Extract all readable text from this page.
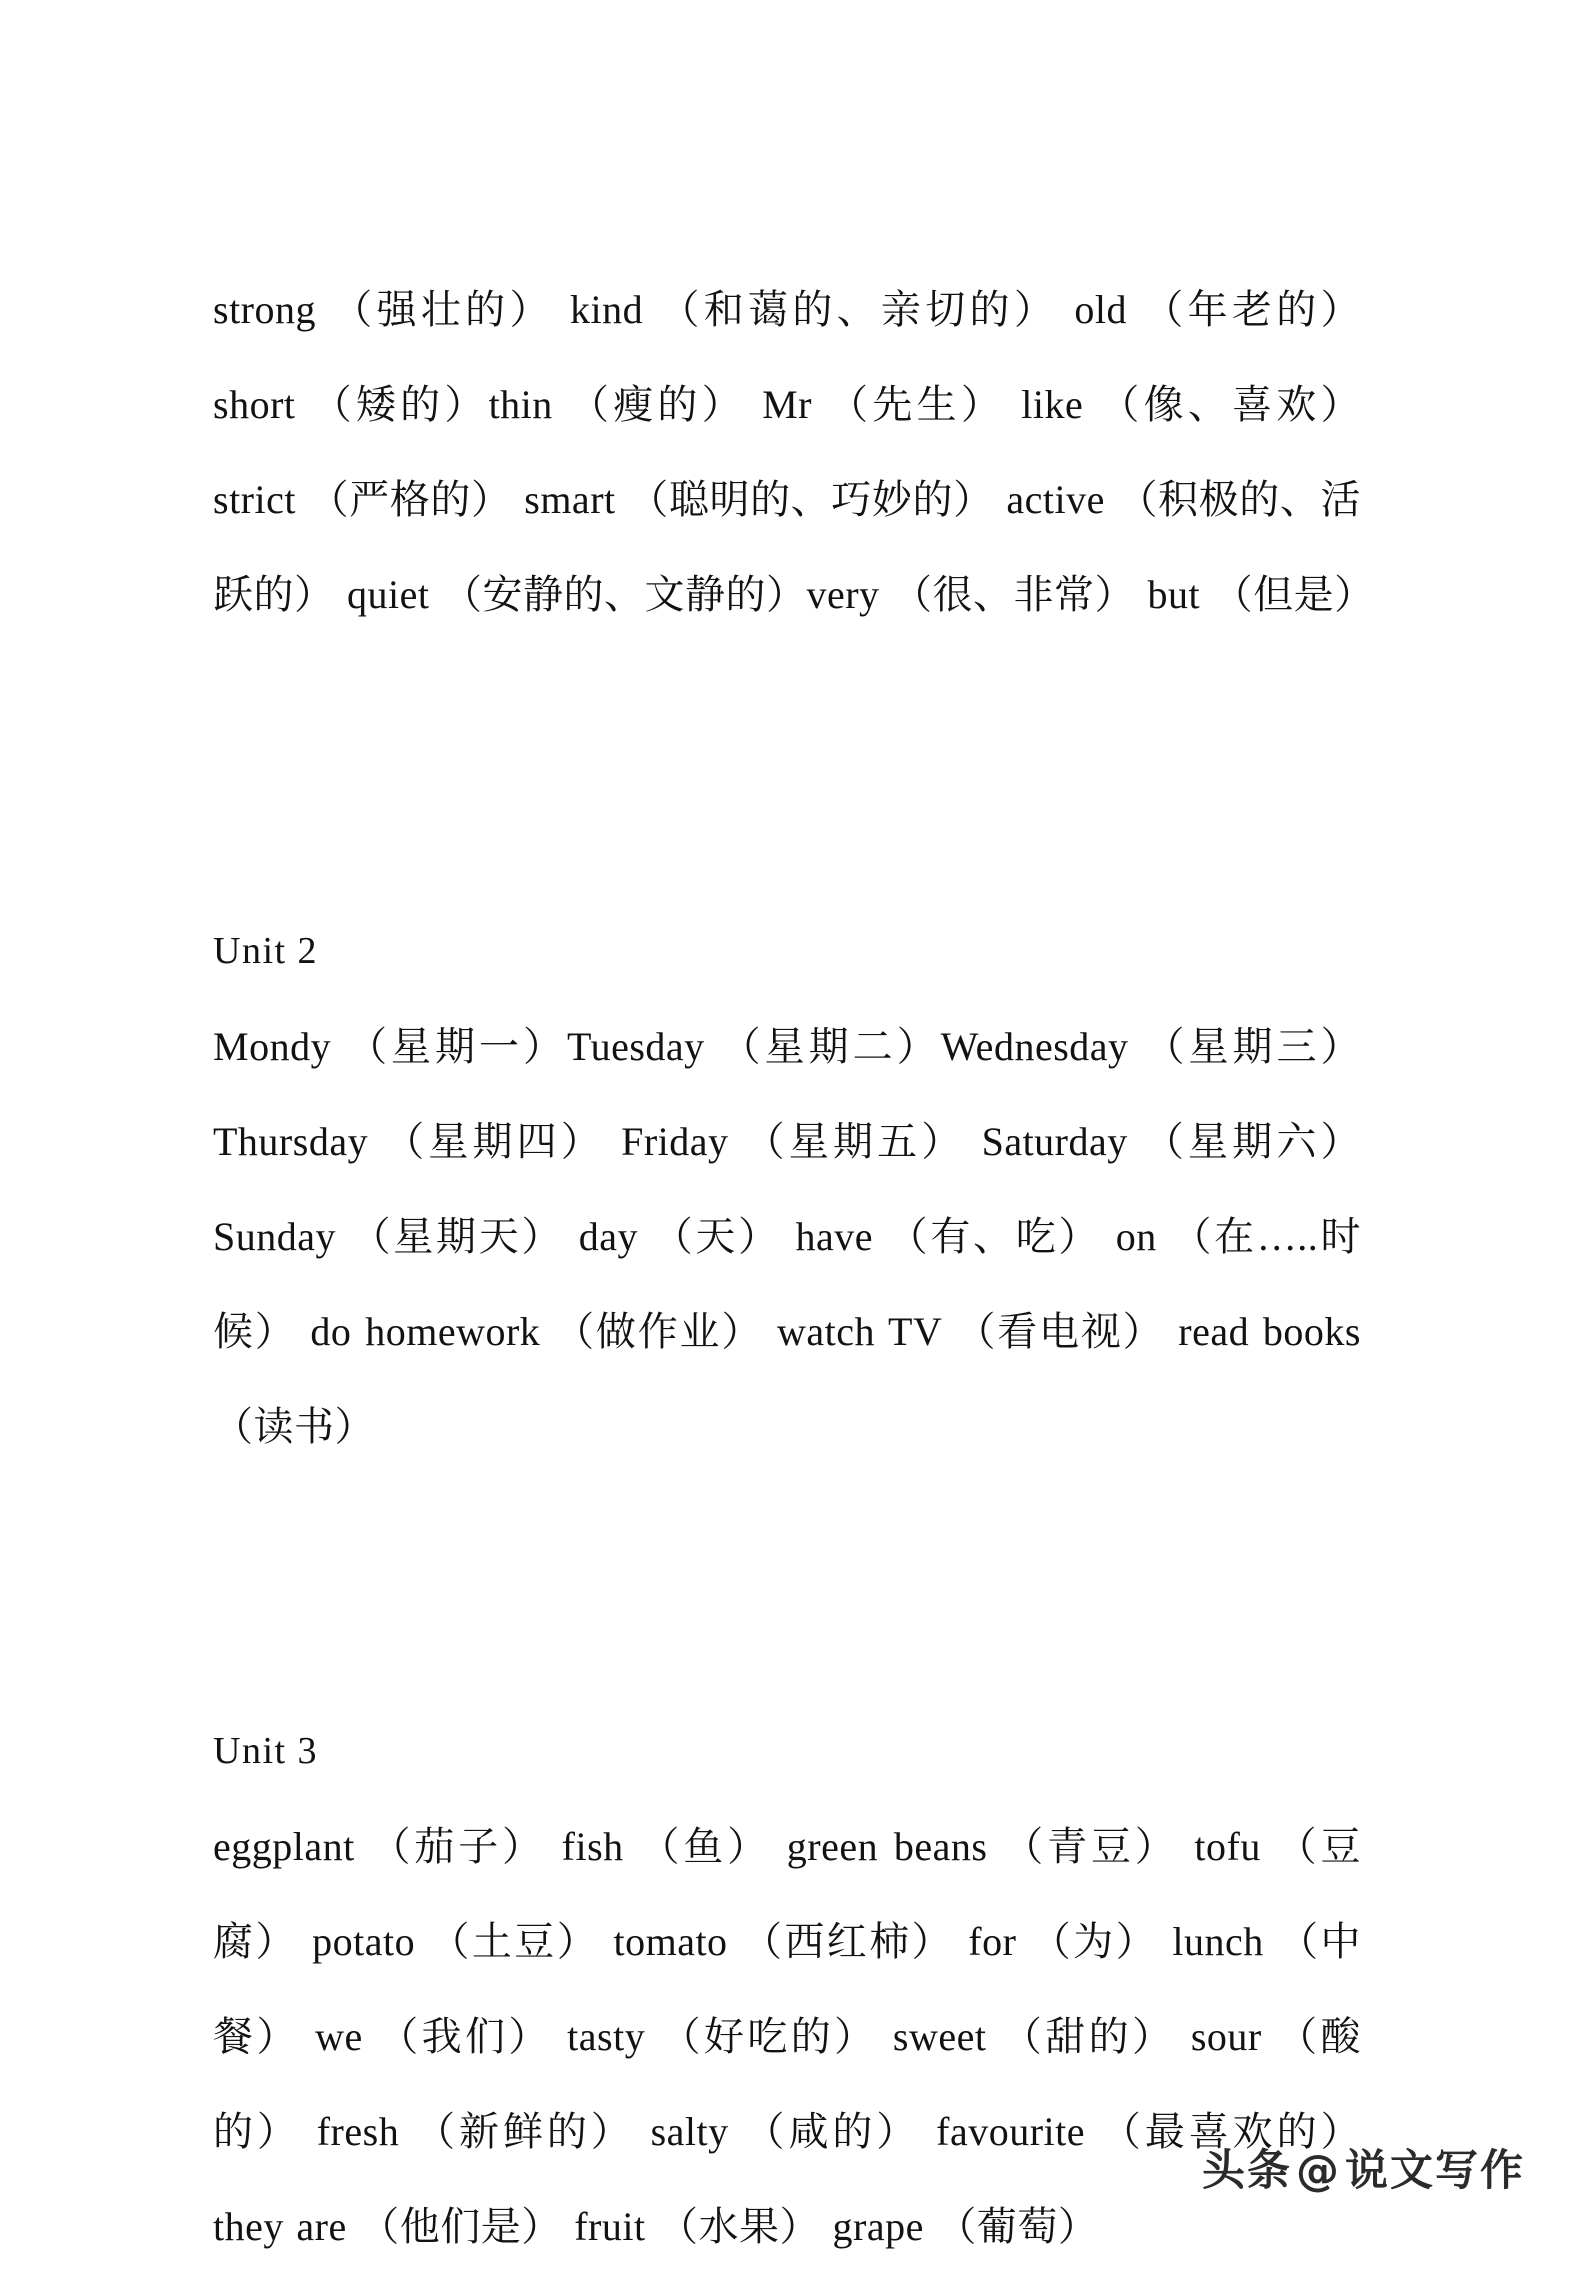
strong （强壮的） kind （和蔼的、亲切的） old （年老的） short （矮的）thin （瘦的） Mr （先生） like （像、喜欢） strict （严格的） smart （聪明的、巧妙的） active （积极的、活跃的） quiet （安静的、文静的）very （很、非常） but （但是）

Unit 2

Mondy （星期一）Tuesday （星期二）Wednesday （星期三）Thursday （星期四） Friday （星期五） Saturday （星期六） Sunday （星期天） day （天） have （有、吃） on （在…..时候） do homework （做作业） watch TV （看电视） read books （读书）

Unit 3

eggplant （茄子） fish （鱼） green beans （青豆） tofu （豆腐） potato （土豆） tomato （西红柿） for （为） lunch （中餐） we （我们） tasty （好吃的） sweet （甜的） sour （酸的） fresh （新鲜的） salty （咸的） favourite （最喜欢的） they are （他们是） fruit （水果） grape （葡萄）

头条@说文写作
